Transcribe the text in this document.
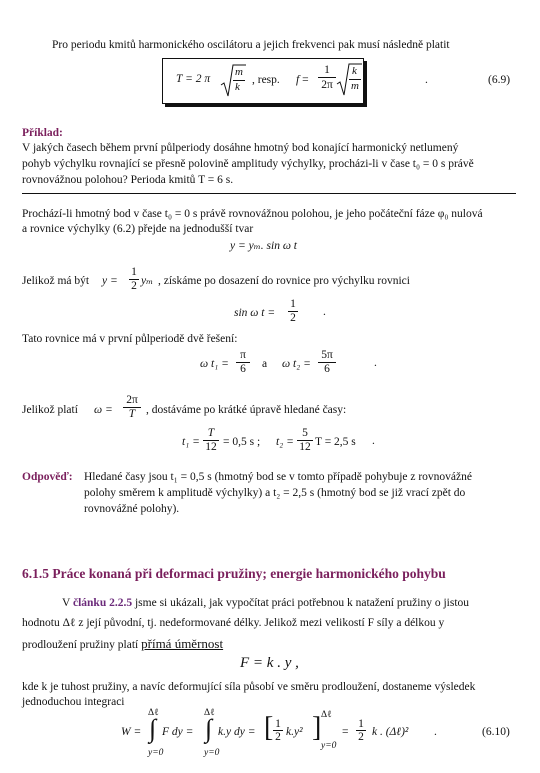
Pro periodu kmitů harmonického oscilátoru a jejich frekvenci pak musí následně platit
T = 2 π
m
k
, resp. f =
1
2π
k
m	.	(6.9)
Příklad:
V jakých časech během první půlperiody dosáhne hmotný bod konající harmonický netlumený
pohyb výchylku rovnající se přesně polovině amplitudy výchylky, procházi-li v čase t₀ = 0 s právě
rovnovážnou polohou? Perioda kmitů T = 6 s.
Prochází-li hmotný bod v čase t₀ = 0 s právě rovnovážnou polohou, je jeho počáteční fáze φ₀ nulová
a rovnice výchylky (6.2) přejde na jednodušší tvar
y = yₘ. sin ω t
Jelikož má být y =
1
2 yₘ , získáme po dosazení do rovnice pro výchylku rovnici
sin ω t =
1
2 .
Tato rovnice má v první půlperiodě dvě řešení:
ω t₁ =
π
6	a ω t₂ =
5π
6	.
Jelikož platí ω =
2π
T , dostáváme po krátké úpravě hledané časy:
t₁ =
T
12 = 0,5 s ; t₂ =
5
12 T = 2,5 s .
Odpověď: Hledané časy jsou t₁ = 0,5 s (hmotný bod se v tomto případě pohybuje z rovnovážné
polohy směrem k amplitudě výchylky) a t₂ = 2,5 s (hmotný bod se již vrací zpět do
rovnovážné polohy).
6.1.5 Práce konaná při deformaci pružiny; energie harmonického pohybu
V článku 2.2.5 jsme si ukázali, jak vypočítat práci potřebnou k natažení pružiny o jistou
hodnotu Δℓ z její původní, tj. nedeformované délky. Jelikož mezi velikostí F síly a délkou y
prodloužení pružiny platí přímá úměrnost
F = k . y ,
kde k je tuhost pružiny, a navíc deformující síla působí ve směru prodloužení, dostaneme výsledek
jednoduchou integraci
W =
Δℓ
∫
y=0
F dy =
Δℓ
∫
y=0
k.y dy = [ 1
2 k.y² ] Δℓ
y=0
=
1
2 k . (Δℓ)² .	(6.10)
